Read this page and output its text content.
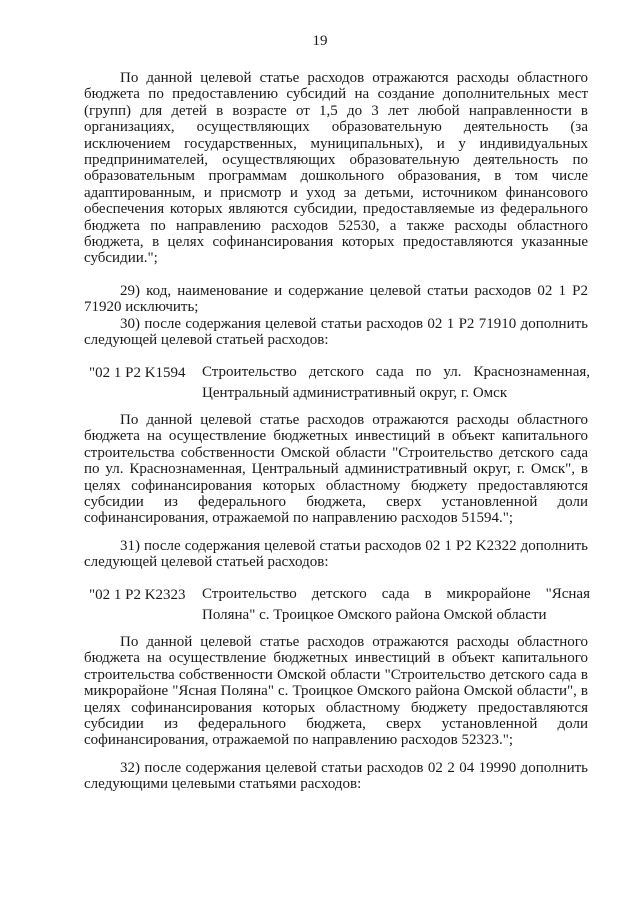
19

По данной целевой статье расходов отражаются расходы областного бюджета по предоставлению субсидий на создание дополнительных мест (групп) для детей в возрасте от 1,5 до 3 лет любой направленности в организациях, осуществляющих образовательную деятельность (за исключением государственных, муниципальных), и у индивидуальных предпринимателей, осуществляющих образовательную деятельность по образовательным программам дошкольного образования, в том числе адаптированным, и присмотр и уход за детьми, источником финансового обеспечения которых являются субсидии, предоставляемые из федерального бюджета по направлению расходов 52530, а также расходы областного бюджета, в целях софинансирования которых предоставляются указанные субсидии.";

29) код, наименование и содержание целевой статьи расходов 02 1 P2 71920 исключить;

30) после содержания целевой статьи расходов 02 1 P2 71910 дополнить следующей целевой статьей расходов:

"02 1 P2 K1594 Строительство детского сада по ул. Краснознаменная, Центральный административный округ, г. Омск

По данной целевой статье расходов отражаются расходы областного бюджета на осуществление бюджетных инвестиций в объект капитального строительства собственности Омской области "Строительство детского сада по ул. Краснознаменная, Центральный административный округ, г. Омск", в целях софинансирования которых областному бюджету предоставляются субсидии из федерального бюджета, сверх установленной доли софинансирования, отражаемой по направлению расходов 51594.";

31) после содержания целевой статьи расходов 02 1 P2 K2322 дополнить следующей целевой статьей расходов:

"02 1 P2 K2323 Строительство детского сада в микрорайоне "Ясная Поляна" с. Троицкое Омского района Омской области

По данной целевой статье расходов отражаются расходы областного бюджета на осуществление бюджетных инвестиций в объект капитального строительства собственности Омской области "Строительство детского сада в микрорайоне "Ясная Поляна" с. Троицкое Омского района Омской области", в целях софинансирования которых областному бюджету предоставляются субсидии из федерального бюджета, сверх установленной доли софинансирования, отражаемой по направлению расходов 52323.";

32) после содержания целевой статьи расходов 02 2 04 19990 дополнить следующими целевыми статьями расходов:
